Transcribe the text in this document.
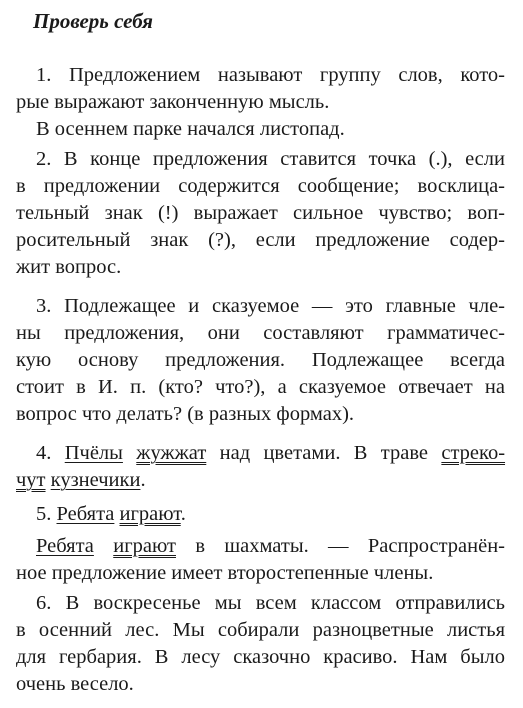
Проверь себя
1. Предложением называют группу слов, кото-
рые выражают законченную мысль.
В осеннем парке начался листопад.
2. В конце предложения ставится точка (.), если
в предложении содержится сообщение; восклица-
тельный знак (!) выражает сильное чувство; воп-
росительный знак (?), если предложение содер-
жит вопрос.
3. Подлежащее и сказуемое — это главные чле-
ны предложения, они составляют грамматичес-
кую основу предложения. Подлежащее всегда
стоит в И. п. (кто? что?), а сказуемое отвечает на
вопрос что делать? (в разных формах).
4. Пчёлы жужжат над цветами. В траве стреко-
чут кузнечики.
5. Ребята играют.
Ребята играют в шахматы. — Распространён-
ное предложение имеет второстепенные члены.
6. В воскресенье мы всем классом отправились
в осенний лес. Мы собирали разноцветные листья
для гербария. В лесу сказочно красиво. Нам было
очень весело.
